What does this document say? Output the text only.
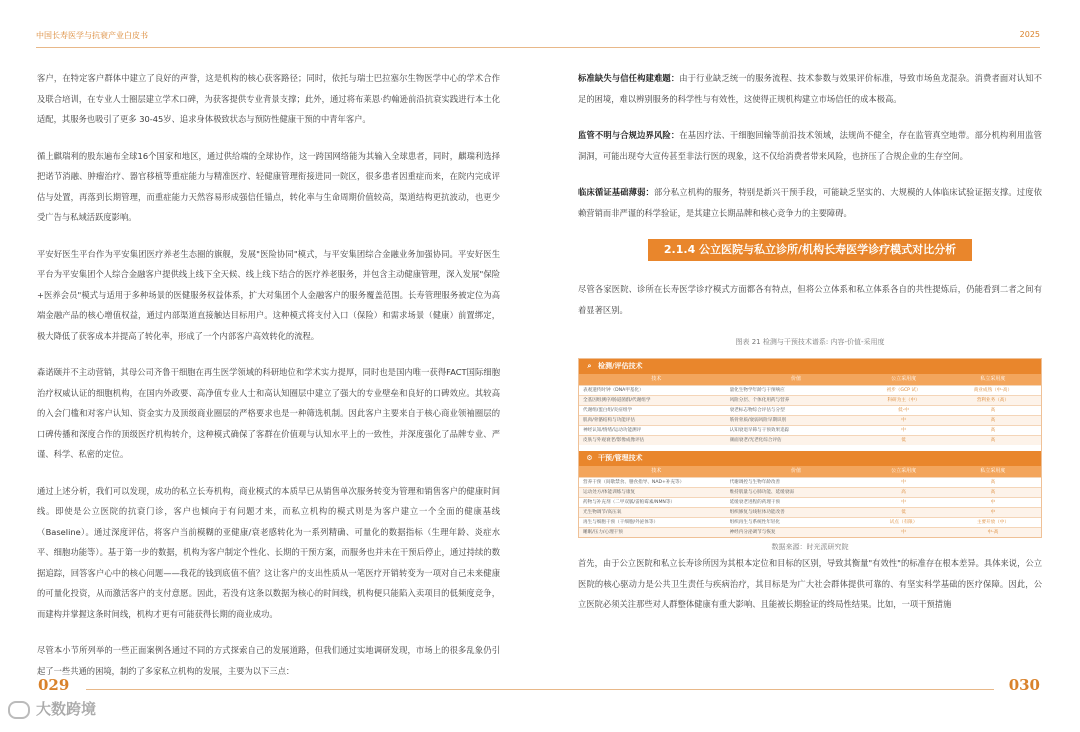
中国长寿医学与抗衰产业白皮书	2025

客户，在特定客户群体中建立了良好的声誉，这是机构的核心获客路径；同时，依托与瑞士巴拉塞尔生物医学中心的学术合作及联合培训，在专业人士圈层建立学术口碑，为获客提供专业背景支撑；此外，通过将布莱恩·约翰逊前沿抗衰实践进行本土化适配，其服务也吸引了更多 30-45岁、追求身体极致状态与预防性健康干预的中青年客户。

循上麒瑞利的股东遍布全球16个国家和地区，通过供给端的全球协作，这一跨国网络能为其输入全球患者，同时，麒瑞利选择把诺节消融、肿瘤治疗、器官移植等重症能力与精准医疗、轻健康管理衔接进同一院区，很多患者因重症而来，在院内完成评估与处置，再落到长期管理，而重症能力天然容易形成强信任锚点，转化率与生命周期价值较高，渠道结构更抗波动，也更少受广告与私域活跃度影响。

平安好医生平台作为平安集团医疗养老生态圈的旗舰，发展"医险协同"模式，与平安集团综合金融业务加强协同。平安好医生平台为平安集团个人综合金融客户提供线上线下全天候、线上线下结合的医疗养老服务，并包含主动健康管理，深入发展"保险+医养会员"模式与适用于多种场景的医健服务权益体系，扩大对集团个人金融客户的服务覆盖范围。长寿管理服务被定位为高端金融产品的核心增值权益，通过内部渠道直接触达目标用户。这种模式将支付入口（保险）和需求场景（健康）前置绑定，极大降低了获客成本并提高了转化率，形成了一个内部客户高效转化的流程。

森诺颐并不主动营销，其母公司齐鲁干细胞在再生医学领域的科研地位和学术实力提厚，同时也是国内唯一获得FACT国际细胞治疗权威认证的细胞机构，在国内外政要、高净值专业人士和高认知圈层中建立了强大的专业壁垒和良好的口碑效应。其较高的入会门槛和对客户认知、资金实力及顶级商业圈层的严格要求也是一种筛选机制。因此客户主要来自于核心商业领袖圈层的口碑传播和深度合作的顶级医疗机构转介，这种模式确保了客群在价值观与认知水平上的一致性，并深度强化了品牌专业、严谨、科学、私密的定位。

通过上述分析，我们可以发现，成功的私立长寿机构，商业模式的本质早已从销售单次服务转变为管理和销售客户的健康时间线。即使是公立医院的抗衰门诊，客户也倾向于有问题才来，而私立机构的模式则是为客户建立一个全面的健康基线（Baseline）。通过深度评估，将客户当前模糊的亚健康/衰老感转化为一系列精确、可量化的数据指标（生理年龄、炎症水平、细胞功能等）。基于第一步的数据，机构为客户制定个性化、长期的干预方案，而服务也并未在干预后停止，通过持续的数据追踪，回答客户心中的核心问题——我花的钱到底值不值？这让客户的支出性质从一笔医疗开销转变为一项对自己未来健康的可量化投资，从而激活客户的支付意愿。因此，若没有这条以数据为核心的时间线，机构便只能陷入卖项目的低频度竞争，而建构并掌握这条时间线，机构才更有可能获得长期的商业成功。

尽管本小节所列举的一些正面案例各通过不同的方式探索自己的发展道路，但我们通过实地调研发现，市场上的很多乱象仍引起了一些共通的困境，制约了多家私立机构的发展，主要为以下三点：

标准缺失与信任构建难题：由于行业缺乏统一的服务流程、技术参数与效果评价标准，导致市场鱼龙混杂。消费者面对认知不足的困境，难以辨别服务的科学性与有效性，这使得正规机构建立市场信任的成本极高。

监管不明与合规边界风险：在基因疗法、干细胞回输等前沿技术领域，法规尚不健全，存在监管真空地带。部分机构利用监管洞洞，可能出现夸大宣传甚至非法行医的现象，这不仅给消费者带来风险，也挤压了合规企业的生存空间。

临床循证基础薄弱：部分私立机构的服务，特别是新兴干预手段，可能缺乏坚实的、大规模的人体临床试验证据支撑。过度依赖营销而非严谨的科学验证，是其建立长期品牌和核心竞争力的主要障碍。

2.1.4 公立医院与私立诊所/机构长寿医学诊疗模式对比分析

尽管各家医院、诊所在长寿医学诊疗模式方面都各有特点，但将公立体系和私立体系各自的共性提炼后，仍能看到二者之间有着显著区别。

图表 21 检测与干预技术谱系: 内容-价值-采用度
⌕ 检测/评估技术
技术	价值	公立采用度	私立采用度
表观遗传时钟（DNA甲基化）	量化生物学年龄与干预响应	初步（GCP 试）	商业成熟（中-高）
全基因组测序/肠道菌群/代谢组学	风险分层、个体化用药与营养	科研为主（中）	营利业务（高）
代谢组/蛋白组/炎症组学	衰老标志物综合评估与分型	低-中	高
肌肉/骨骼结构与功能评估	筋骨骨质/衰弱风险早期识别	中	高
神经认知/情绪/运动功能测评	认知衰退早筛与干预效果追踪	中	高
皮肤与外观衰老/影像成像评估	颜面衰老/光老化综合评估	低	高
⚙ 干预/管理技术
技术	价值	公立采用度	私立采用度
营养干预（间歇禁食、膳食指导、NAD+补充等）	代谢调控与生物年龄改善	中	高
运动处方/体能训练与康复	维持肌量与心肺功能、延缓衰弱	高	高
药物与补充剂（二甲双胍/雷帕霉素/NMN等）	延缓衰老进程的药理干预	中	中
光生物调节/高压氧	组织修复与线粒体功能改善	低	中
再生与细胞干预（干细胞/外泌体等）	组织再生与系统性年轻化	试点（有限）	主要开放（中）
睡眠/压力/心理干预	神经内分泌调节与恢复	中	中-高
数据来源：时光派研究院

首先，由于公立医院和私立长寿诊所因为其根本定位和目标的区别，导致其衡量"有效性"的标准存在根本差异。具体来说，公立医院的核心驱动力是公共卫生责任与疾病治疗，其目标是为广大社会群体提供可靠的、有坚实科学基础的医疗保障。因此，公立医院必须关注那些对人群整体健康有重大影响、且能被长期验证的终局性结果。比如，一项干预措施

029	030
大数跨境
